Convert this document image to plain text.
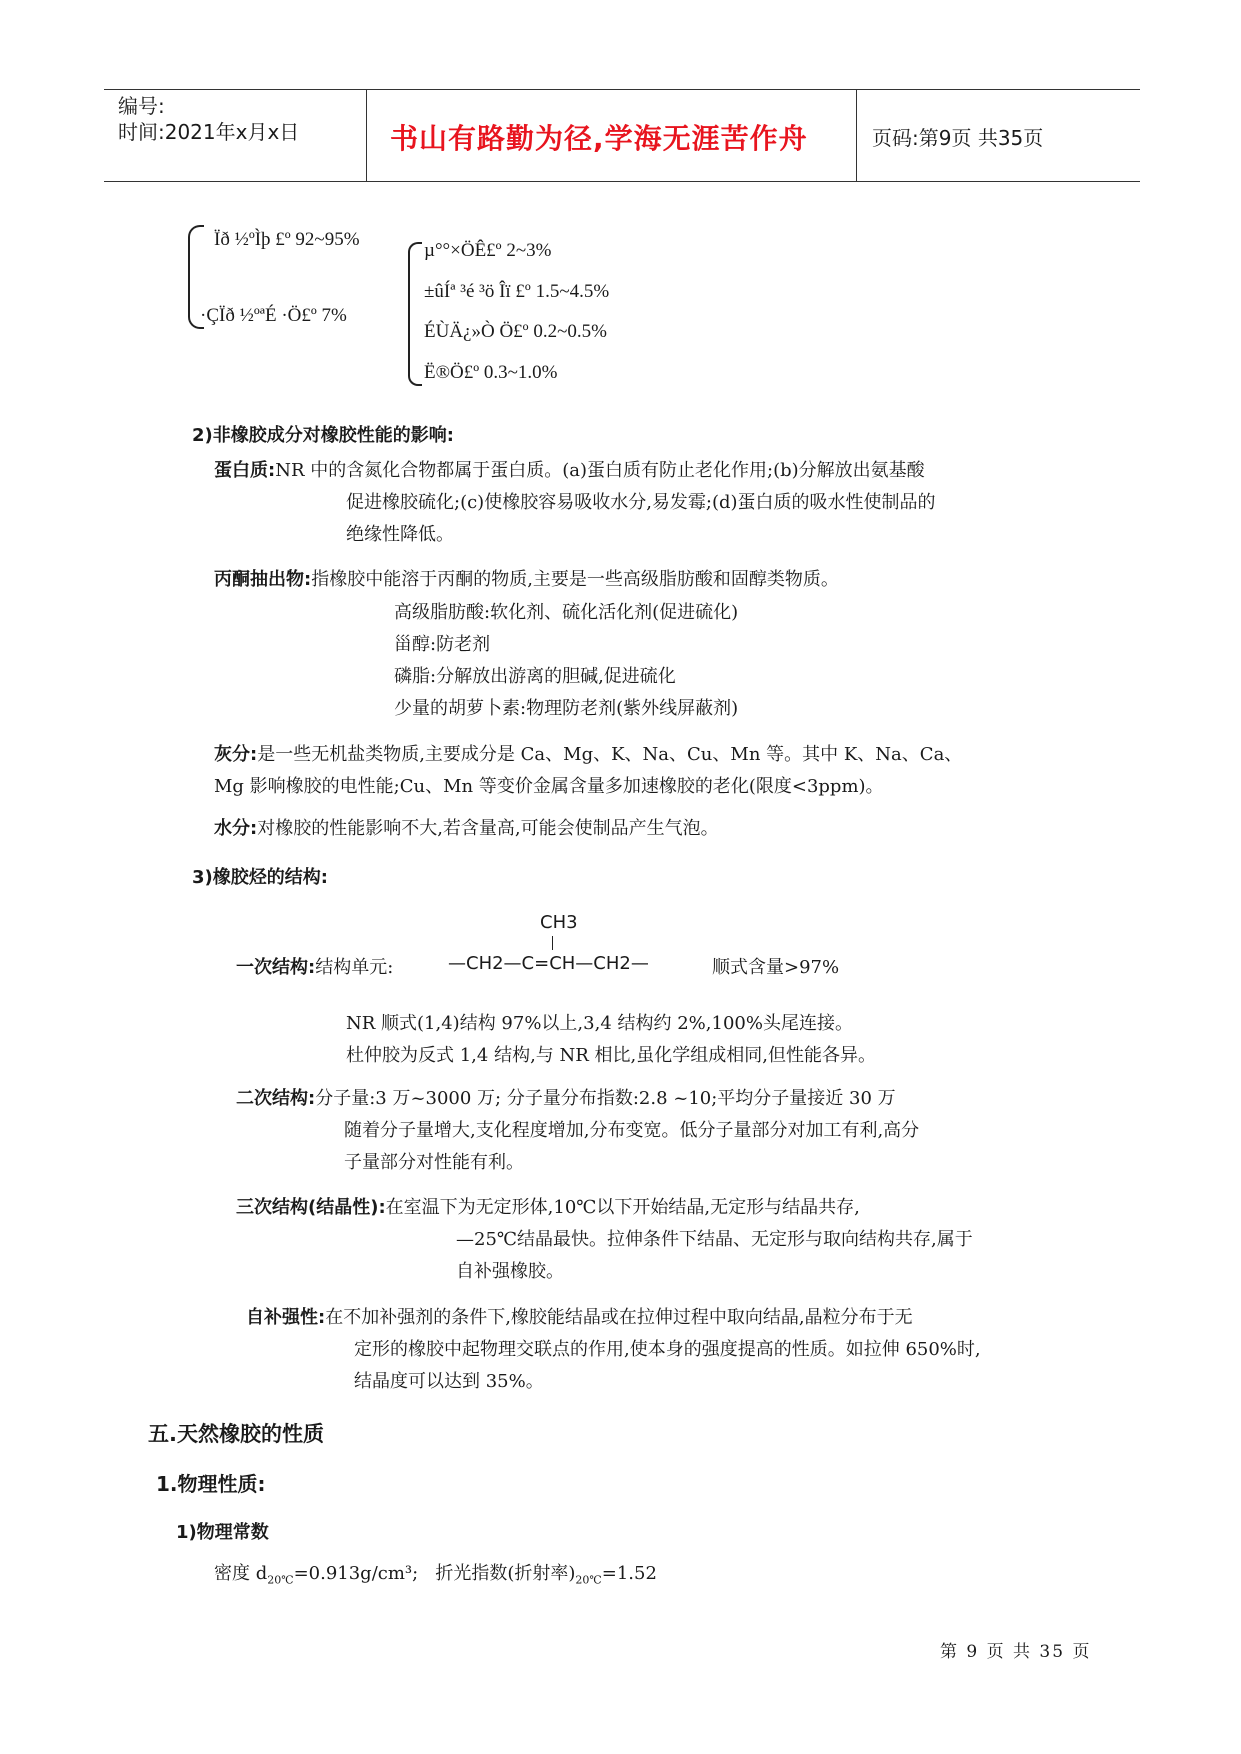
编号:
时间:2021年x月x日	书山有路勤为径,学海无涯苦作舟	页码:第9页 共35页
Ïð ½ºÌþ £º 92~95%
·ÇÏð ½ºªÉ ·Ö£º 7%
µ°°×ÖÊ£º 2~3%
±ûÍª ³é ³ö Îï £º 1.5~4.5%
ÉÙÄ¿»Ò Ö£º 0.2~0.5%
Ë®Ö£º 0.3~1.0%
2)非橡胶成分对橡胶性能的影响:
蛋白质:NR 中的含氮化合物都属于蛋白质。(a)蛋白质有防止老化作用;(b)分解放出氨基酸
促进橡胶硫化;(c)使橡胶容易吸收水分,易发霉;(d)蛋白质的吸水性使制品的
绝缘性降低。
丙酮抽出物:指橡胶中能溶于丙酮的物质,主要是一些高级脂肪酸和固醇类物质。
高级脂肪酸:软化剂、硫化活化剂(促进硫化)
甾醇:防老剂
磷脂:分解放出游离的胆碱,促进硫化
少量的胡萝卜素:物理防老剂(紫外线屏蔽剂)
灰分:是一些无机盐类物质,主要成分是 Ca、Mg、K、Na、Cu、Mn 等。其中 K、Na、Ca、
Mg 影响橡胶的电性能;Cu、Mn 等变价金属含量多加速橡胶的老化(限度<3ppm)。
水分:对橡胶的性能影响不大,若含量高,可能会使制品产生气泡。
3)橡胶烃的结构:
CH3
一次结构:结构单元:	—CH2—C=CH—CH2—	顺式含量>97%
NR 顺式(1,4)结构 97%以上,3,4 结构约 2%,100%头尾连接。
杜仲胶为反式 1,4 结构,与 NR 相比,虽化学组成相同,但性能各异。
二次结构:分子量:3 万~3000 万; 分子量分布指数:2.8 ~10;平均分子量接近 30 万
随着分子量增大,支化程度增加,分布变宽。低分子量部分对加工有利,高分
子量部分对性能有利。
三次结构(结晶性):在室温下为无定形体,10℃以下开始结晶,无定形与结晶共存,
—25℃结晶最快。拉伸条件下结晶、无定形与取向结构共存,属于
自补强橡胶。
自补强性:在不加补强剂的条件下,橡胶能结晶或在拉伸过程中取向结晶,晶粒分布于无
定形的橡胶中起物理交联点的作用,使本身的强度提高的性质。如拉伸 650%时,
结晶度可以达到 35%。
五.天然橡胶的性质
1.物理性质:
1)物理常数
密度 $d_{20℃}=0.913g$/cm³; 折光指数(折射率)$_{20℃}=1.52$
第 9 页 共 35 页
